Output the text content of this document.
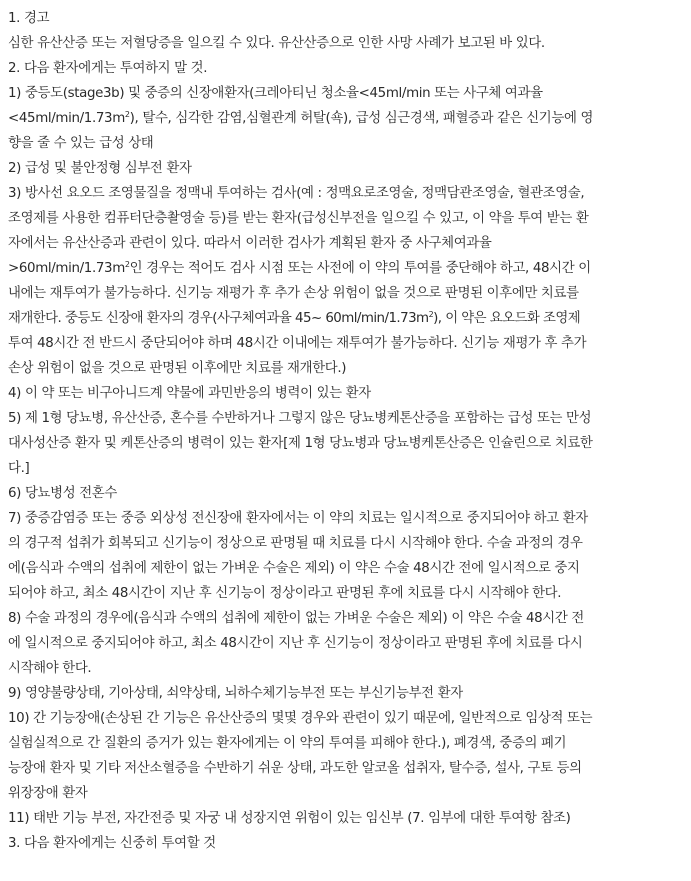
1. 경고
심한 유산산증 또는 저혈당증을 일으킬 수 있다. 유산산증으로 인한 사망 사례가 보고된 바 있다.
2. 다음 환자에게는 투여하지 말 것.
1) 중등도(stage3b) 및 중증의 신장애환자(크레아티닌 청소율<45ml/min 또는 사구체 여과율
$<45ml/\min/1.73m^2$), 탈수, 심각한 감염,심혈관계 허탈(쇽), 급성 심근경색, 패혈증과 같은 신기능에 영
향을 줄 수 있는 급성 상태
2) 급성 및 불안정형 심부전 환자
3) 방사선 요오드 조영물질을 정맥내 투여하는 검사(예 : 정맥요로조영술, 정맥담관조영술, 혈관조영술,
조영제를 사용한 컴퓨터단층촬영술 등)를 받는 환자(급성신부전을 일으킬 수 있고, 이 약을 투여 받는 환
자에서는 유산산증과 관련이 있다. 따라서 이러한 검사가 계획된 환자 중 사구체여과율
$>60ml/\min/1.73m^2$인 경우는 적어도 검사 시점 또는 사전에 이 약의 투여를 중단해야 하고, 48시간 이
내에는 재투여가 불가능하다. 신기능 재평가 후 추가 손상 위험이 없을 것으로 판명된 이후에만 치료를
재개한다. 중등도 신장애 환자의 경우(사구체여과율 45~ $60ml/\min/1.73m^2$), 이 약은 요오드화 조영제
투여 48시간 전 반드시 중단되어야 하며 48시간 이내에는 재투여가 불가능하다. 신기능 재평가 후 추가
손상 위험이 없을 것으로 판명된 이후에만 치료를 재개한다.)
4) 이 약 또는 비구아니드계 약물에 과민반응의 병력이 있는 환자
5) 제 1형 당뇨병, 유산산증, 혼수를 수반하거나 그렇지 않은 당뇨병케톤산증을 포함하는 급성 또는 만성
대사성산증 환자 및 케톤산증의 병력이 있는 환자[제 1형 당뇨병과 당뇨병케톤산증은 인슐린으로 치료한
다.]
6) 당뇨병성 전혼수
7) 중증감염증 또는 중증 외상성 전신장애 환자에서는 이 약의 치료는 일시적으로 중지되어야 하고 환자
의 경구적 섭취가 회복되고 신기능이 정상으로 판명될 때 치료를 다시 시작해야 한다. 수술 과정의 경우
에(음식과 수액의 섭취에 제한이 없는 가벼운 수술은 제외) 이 약은 수술 48시간 전에 일시적으로 중지
되어야 하고, 최소 48시간이 지난 후 신기능이 정상이라고 판명된 후에 치료를 다시 시작해야 한다.
8) 수술 과정의 경우에(음식과 수액의 섭취에 제한이 없는 가벼운 수술은 제외) 이 약은 수술 48시간 전
에 일시적으로 중지되어야 하고, 최소 48시간이 지난 후 신기능이 정상이라고 판명된 후에 치료를 다시
시작해야 한다.
9) 영양불량상태, 기아상태, 쇠약상태, 뇌하수체기능부전 또는 부신기능부전 환자
10) 간 기능장애(손상된 간 기능은 유산산증의 몇몇 경우와 관련이 있기 때문에, 일반적으로 임상적 또는
실험실적으로 간 질환의 증거가 있는 환자에게는 이 약의 투여를 피해야 한다.), 폐경색, 중증의 폐기
능장애 환자 및 기타 저산소혈증을 수반하기 쉬운 상태, 과도한 알코올 섭취자, 탈수증, 설사, 구토 등의
위장장애 환자
11) 태반 기능 부전, 자간전증 및 자궁 내 성장지연 위험이 있는 임신부 (7. 임부에 대한 투여항 참조)
3. 다음 환자에게는 신중히 투여할 것
